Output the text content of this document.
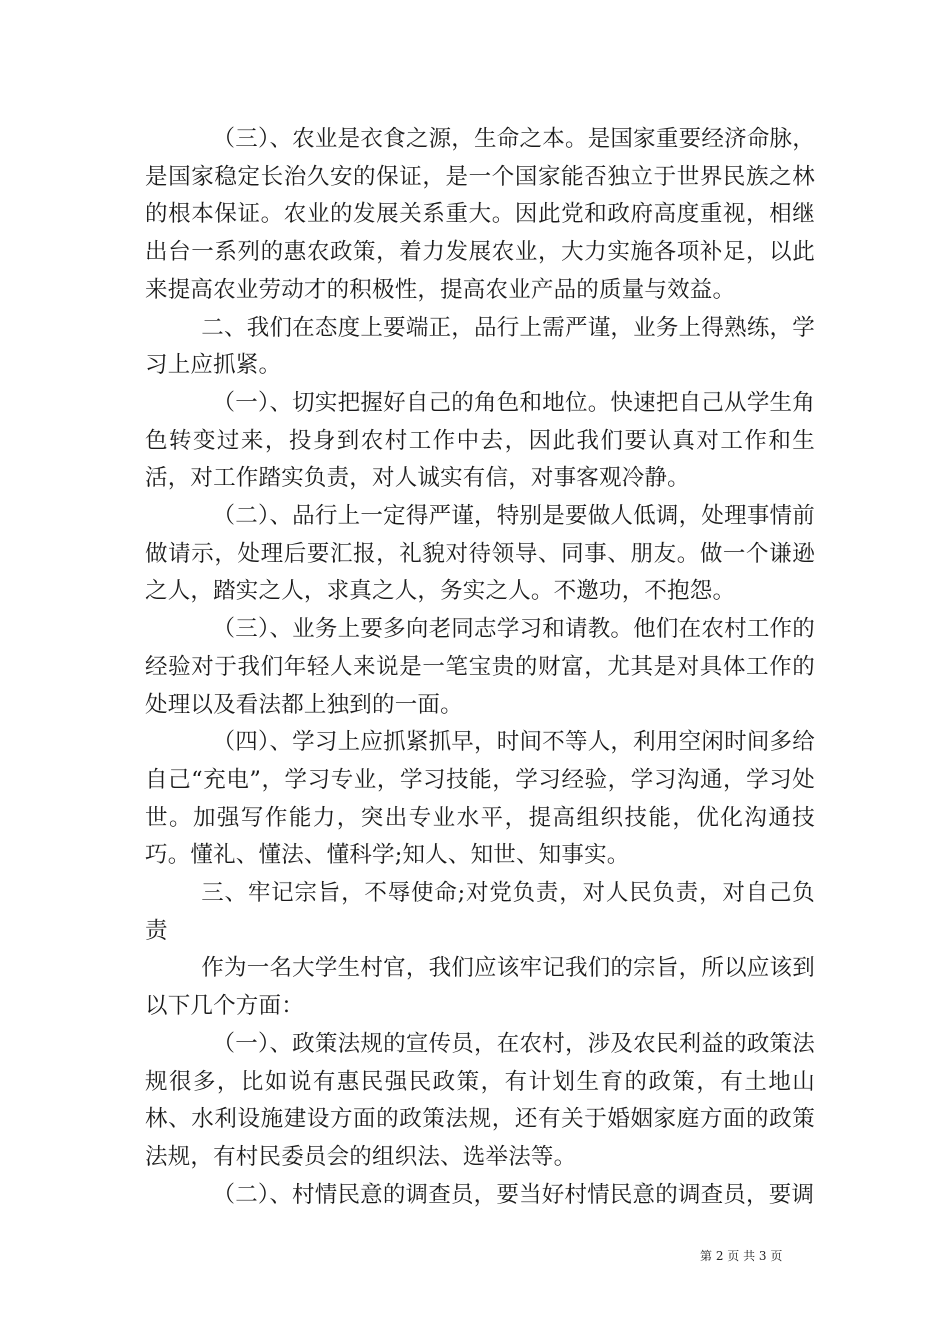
（三）、农业是衣食之源，生命之本。是国家重要经济命脉，是国家稳定长治久安的保证，是一个国家能否独立于世界民族之林的根本保证。农业的发展关系重大。因此党和政府高度重视，相继出台一系列的惠农政策，着力发展农业，大力实施各项补足，以此来提高农业劳动才的积极性，提高农业产品的质量与效益。

二、我们在态度上要端正，品行上需严谨，业务上得熟练，学习上应抓紧。

（一）、切实把握好自己的角色和地位。快速把自己从学生角色转变过来，投身到农村工作中去，因此我们要认真对工作和生活，对工作踏实负责，对人诚实有信，对事客观冷静。

（二）、品行上一定得严谨，特别是要做人低调，处理事情前做请示，处理后要汇报，礼貌对待领导、同事、朋友。做一个谦逊之人，踏实之人，求真之人，务实之人。不邀功，不抱怨。

（三）、业务上要多向老同志学习和请教。他们在农村工作的经验对于我们年轻人来说是一笔宝贵的财富，尤其是对具体工作的处理以及看法都上独到的一面。

（四）、学习上应抓紧抓早，时间不等人，利用空闲时间多给自己“充电”，学习专业，学习技能，学习经验，学习沟通，学习处世。加强写作能力，突出专业水平，提高组织技能，优化沟通技巧。懂礼、懂法、懂科学;知人、知世、知事实。

三、牢记宗旨，不辱使命;对党负责，对人民负责，对自己负责

作为一名大学生村官，我们应该牢记我们的宗旨，所以应该到以下几个方面：

（一）、政策法规的宣传员，在农村，涉及农民利益的政策法规很多，比如说有惠民强民政策，有计划生育的政策，有土地山林、水利设施建设方面的政策法规，还有关于婚姻家庭方面的政策法规，有村民委员会的组织法、选举法等。

（二）、村情民意的调查员，要当好村情民意的调查员，要调

第 2 页 共 3 页
